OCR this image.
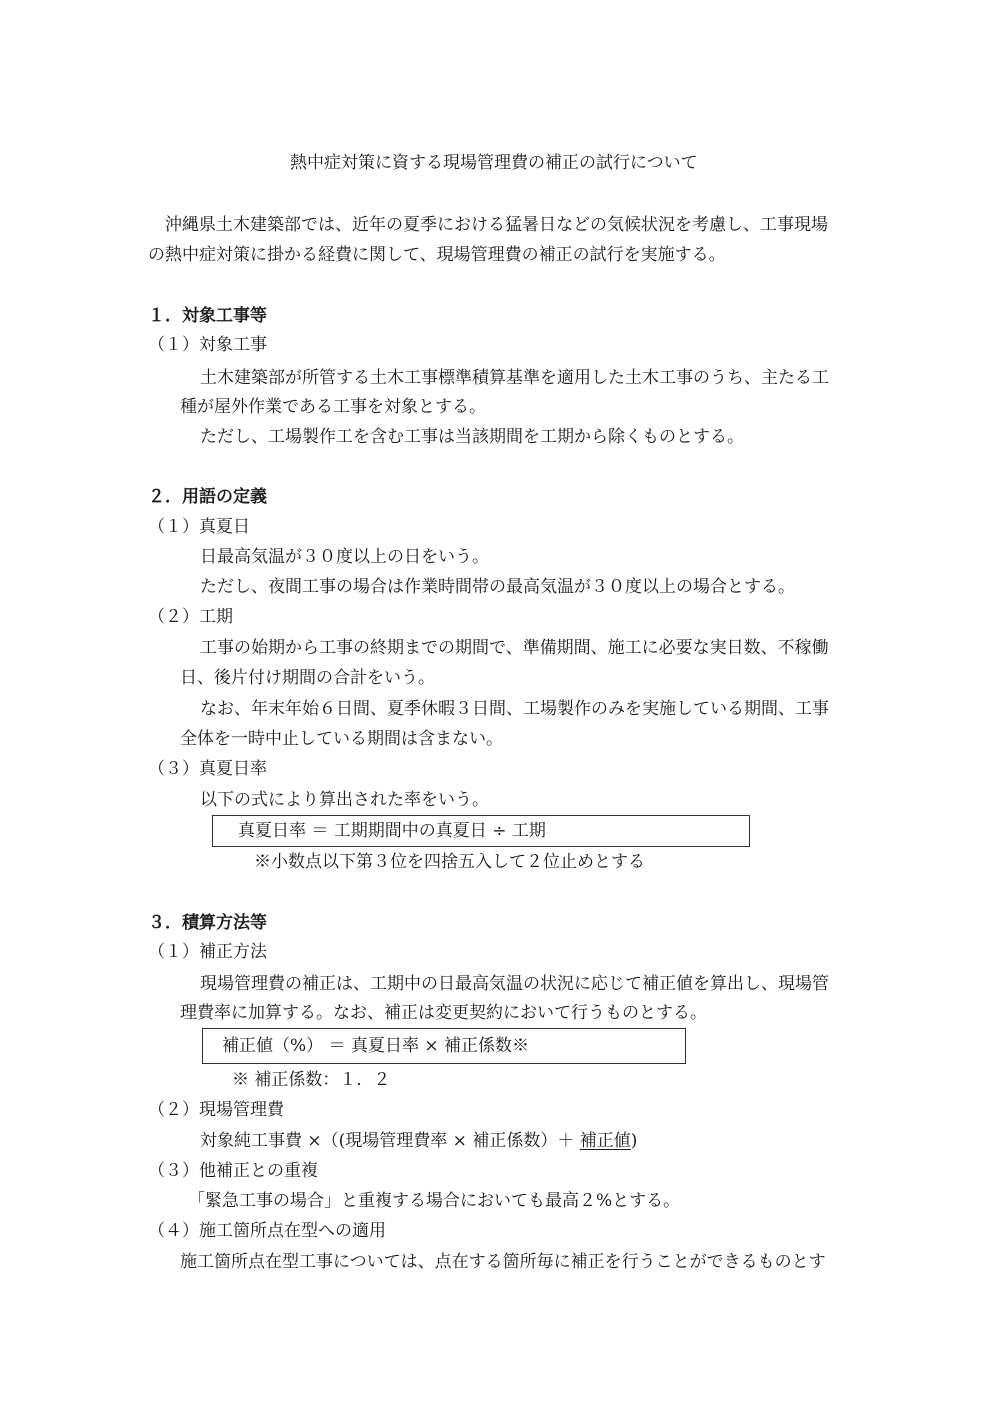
熱中症対策に資する現場管理費の補正の試行について
　沖縄県土木建築部では、近年の夏季における猛暑日などの気候状況を考慮し、工事現場
の熱中症対策に掛かる経費に関して、現場管理費の補正の試行を実施する。
１．対象工事等
（１）対象工事
土木建築部が所管する土木工事標準積算基準を適用した土木工事のうち、主たる工
種が屋外作業である工事を対象とする。
ただし、工場製作工を含む工事は当該期間を工期から除くものとする。
２．用語の定義
（１）真夏日
日最高気温が３０度以上の日をいう。
ただし、夜間工事の場合は作業時間帯の最高気温が３０度以上の場合とする。
（２）工期
工事の始期から工事の終期までの期間で、準備期間、施工に必要な実日数、不稼働
日、後片付け期間の合計をいう。
なお、年末年始６日間、夏季休暇３日間、工場製作のみを実施している期間、工事
全体を一時中止している期間は含まない。
（３）真夏日率
以下の式により算出された率をいう。
真夏日率 ＝ 工期期間中の真夏日 ÷ 工期
※小数点以下第３位を四捨五入して２位止めとする
３．積算方法等
（１）補正方法
現場管理費の補正は、工期中の日最高気温の状況に応じて補正値を算出し、現場管
理費率に加算する。なお、補正は変更契約において行うものとする。
補正値（%） ＝ 真夏日率 × 補正係数※
※ 補正係数：１．２
（２）現場管理費
対象純工事費 ×（(現場管理費率 × 補正係数）＋ 補正値)
（３）他補正との重複
「緊急工事の場合」と重複する場合においても最高２%とする。
（４）施工箇所点在型への適用
施工箇所点在型工事については、点在する箇所毎に補正を行うことができるものとす
